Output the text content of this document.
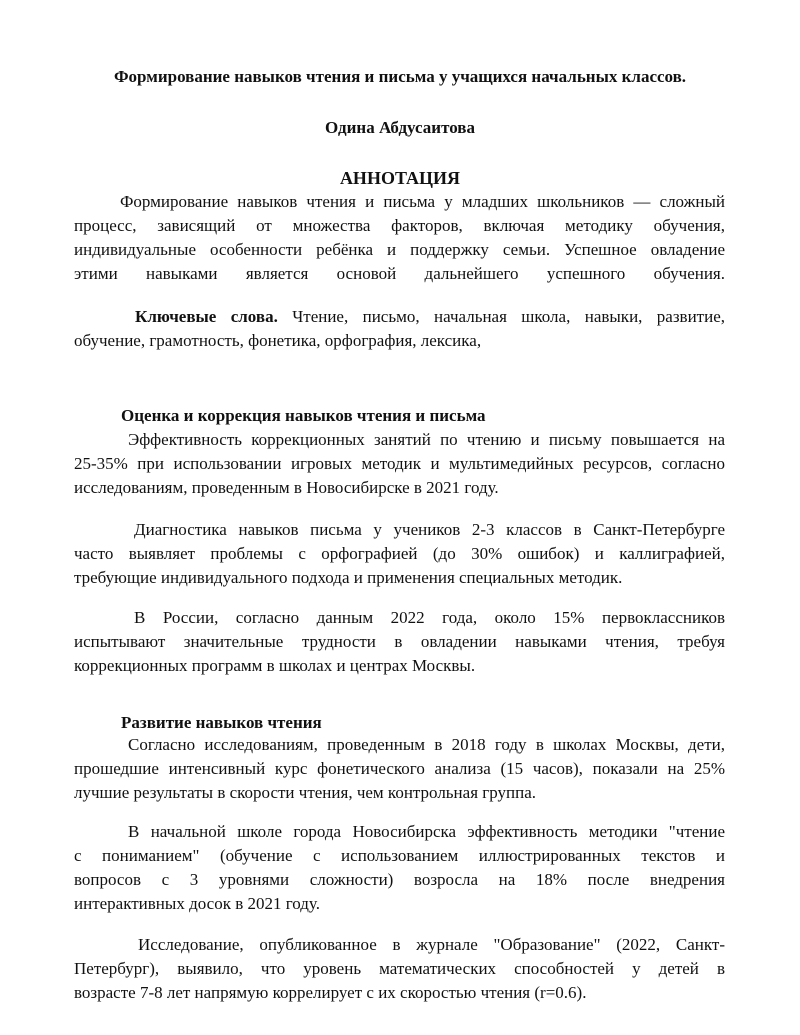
Формирование навыков чтения и письма у учащихся начальных классов.

Одина Абдусаитова

АННОТАЦИЯ

Формирование навыков чтения и письма у младших школьников — сложный
процесс, зависящий от множества факторов, включая методику обучения,
индивидуальные особенности ребёнка и поддержку семьи. Успешное овладение
этими навыками является основой дальнейшего успешного обучения.
Ключевые слова. Чтение, письмо, начальная школа, навыки, развитие,
обучение, грамотность, фонетика, орфография, лексика,

Оценка и коррекция навыков чтения и письма

Эффективность коррекционных занятий по чтению и письму повышается на
25-35% при использовании игровых методик и мультимедийных ресурсов, согласно
исследованиям, проведенным в Новосибирске в 2021 году.
Диагностика навыков письма у учеников 2-3 классов в Санкт-Петербурге
часто выявляет проблемы с орфографией (до 30% ошибок) и каллиграфией,
требующие индивидуального подхода и применения специальных методик.
В России, согласно данным 2022 года, около 15% первоклассников
испытывают значительные трудности в овладении навыками чтения, требуя
коррекционных программ в школах и центрах Москвы.

Развитие навыков чтения

Согласно исследованиям, проведенным в 2018 году в школах Москвы, дети,
прошедшие интенсивный курс фонетического анализа (15 часов), показали на 25%
лучшие результаты в скорости чтения, чем контрольная группа.
В начальной школе города Новосибирска эффективность методики "чтение
с пониманием" (обучение с использованием иллюстрированных текстов и
вопросов с 3 уровнями сложности) возросла на 18% после внедрения
интерактивных досок в 2021 году.
Исследование, опубликованное в журнале "Образование" (2022, Санкт-
Петербург), выявило, что уровень математических способностей у детей в
возрасте 7-8 лет напрямую коррелирует с их скоростью чтения (r=0.6).
